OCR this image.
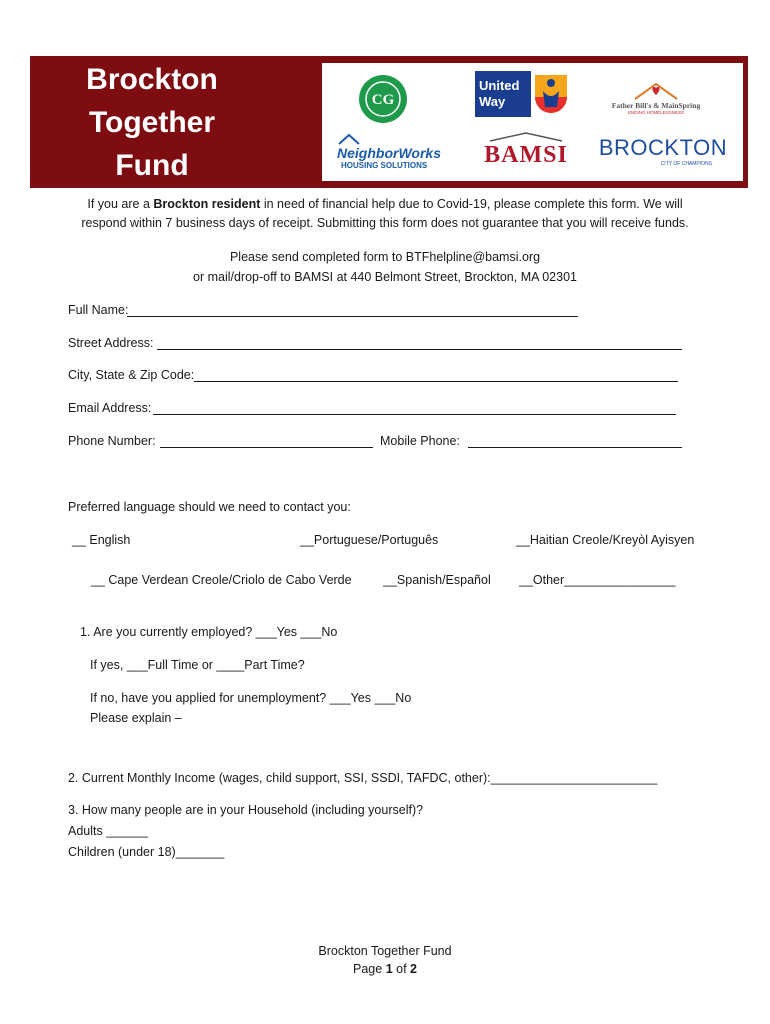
Brockton
Together
Fund
CG
United
Way	Father Bill's & MainSpring
ENDING HOMELESSNESS
NeighborWorks
HOUSING SOLUTIONS BAMSI BROCKTON
CITY OF CHAMPIONS
If you are a Brockton resident in need of financial help due to Covid-19, please complete this form. We will
respond within 7 business days of receipt. Submitting this form does not guarantee that you will receive funds.
Please send completed form to BTFhelpline@bamsi.org
or mail/drop-off to BAMSI at 440 Belmont Street, Brockton, MA 02301
Full Name:
Street Address:
City, State & Zip Code:
Email Address:
Phone Number:	Mobile Phone:
Preferred language should we need to contact you:
__ English	__Portuguese/Português	__Haitian Creole/Kreyòl Ayisyen
__ Cape Verdean Creole/Criolo de Cabo Verde	__Spanish/Español __Other________________
1. Are you currently employed? ___Yes ___No
If yes, ___Full Time or ____Part Time?
If no, have you applied for unemployment? ___Yes ___No
Please explain –
2. Current Monthly Income (wages, child support, SSI, SSDI, TAFDC, other):________________________
3. How many people are in your Household (including yourself)?
Adults ______
Children (under 18)_______
Brockton Together Fund
Page 1 of 2
